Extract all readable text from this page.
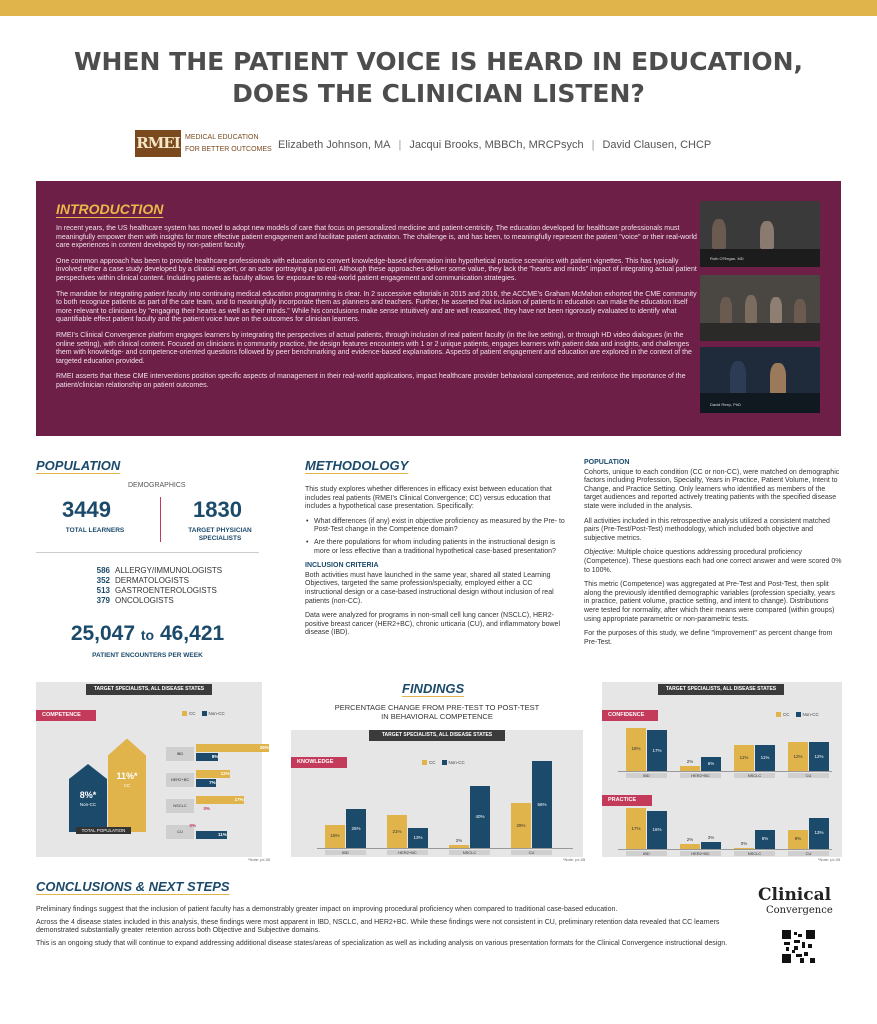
WHEN THE PATIENT VOICE IS HEARD IN EDUCATION,
DOES THE CLINICIAN LISTEN?
RMEI MEDICAL EDUCATION
FOR BETTER OUTCOMES Elizabeth Johnson, MA | Jacqui Brooks, MBBCh, MRCPsych | David Clausen, CHCP
INTRODUCTION

In recent years, the US healthcare system has moved to adopt new models of care that focus on personalized medicine and patient-centricity. The education developed for healthcare professionals must meaningfully empower them with insights for more effective patient engagement and facilitate patient activation. The challenge is, and has been, to meaningfully represent the patient "voice" or their real-world care experiences in content developed by non-patient faculty.

One common approach has been to provide healthcare professionals with education to convert knowledge-based information into hypothetical practice scenarios with patient vignettes. This has typically involved either a case study developed by a clinical expert, or an actor portraying a patient. Although these approaches deliver some value, they lack the "hearts and minds" impact of integrating actual patient perspectives within clinical content. Including patients as faculty allows for exposure to real-world patient engagement and communication strategies.

The mandate for integrating patient faculty into continuing medical education programming is clear. In 2 successive editorials in 2015 and 2016, the ACCME's Graham McMahon exhorted the CME community to both recognize patients as part of the care team, and to meaningfully incorporate them as planners and teachers. Further, he asserted that inclusion of patients in education can make the education itself more relevant to clinicians by "engaging their hearts as well as their minds." While his conclusions make sense intuitively and are well reasoned, they have not been rigorously evaluated to identify what quantifiable effect patient faculty and the patient voice have on the outcomes for clinician learners.

RMEI's Clinical Convergence platform engages learners by integrating the perspectives of actual patients, through inclusion of real patient faculty (in the live setting), or through HD video dialogues (in the online setting), with clinical content. Focused on clinicians in community practice, the design features encounters with 1 or 2 unique patients, engages learners with patient data and insights, and challenges them with knowledge- and competence-oriented questions followed by peer benchmarking and evidence-based explanations. Aspects of patient engagement and education are explored in the context of the targeted education provided.

RMEI asserts that these CME interventions position specific aspects of management in their real-world applications, impact healthcare provider behavioral competence, and reinforce the importance of the patient/clinician relationship on patient outcomes.

Ruth O'Regan, MD
David Reep, PhD
POPULATION
DEMOGRAPHICS
3449
TOTAL LEARNERS
1830
TARGET PHYSICIAN
SPECIALISTS
586 ALLERGY/IMMUNOLOGISTS
352 DERMATOLOGISTS
513 GASTROENTEROLOGISTS
379 ONCOLOGISTS
25,047 to 46,421
PATIENT ENCOUNTERS PER WEEK
METHODOLOGY

This study explores whether differences in efficacy exist between education that includes real patients (RMEI's Clinical Convergence; CC) versus education that includes a hypothetical case presentation. Specifically:

• What differences (if any) exist in objective proficiency as measured by the Pre- to Post-Test change in the Competence domain?
• Are there populations for whom including patients in the instructional design is more or less effective than a traditional hypothetical case-based presentation?
INCLUSION CRITERIA

Both activities must have launched in the same year, shared all stated Learning Objectives, targeted the same profession/specialty, employed either a CC instructional design or a case-based instructional design without inclusion of real patients (non-CC).

Data were analyzed for programs in non-small cell lung cancer (NSCLC), HER2-positive breast cancer (HER2+BC), chronic urticaria (CU), and inflammatory bowel disease (IBD).

POPULATION

Cohorts, unique to each condition (CC or non-CC), were matched on demographic factors including Profession, Specialty, Years in Practice, Patient Volume, Intent to Change, and Practice Setting. Only learners who identified as members of the target audiences and reported actively treating patients with the specified disease state were included in the analysis.

All activities included in this retrospective analysis utilized a consistent matched pairs (Pre-Test/Post-Test) methodology, which included both objective and subjective metrics.

Objective: Multiple choice questions addressing procedural proficiency (Competence). These questions each had one correct answer and were scored 0% to 100%.

This metric (Competence) was aggregated at Pre-Test and Post-Test, then split along the previously identified demographic variables (profession specialty, years in practice, patient volume, practice setting, and intent to change). Distributions were tested for normality, after which their means were compared (within groups) using appropriate parametric or non-parametric tests.

For the purposes of this study, we define "improvement" as percent change from Pre-Test.

FINDINGS
PERCENTAGE CHANGE FROM PRE-TEST TO POST-TEST
IN BEHAVIORAL COMPETENCE
TARGET SPECIALISTS, ALL DISEASE STATES
COMPETENCE	CC	Non-CC
8%*
Non-CC
11%*
CC
TOTAL POPULATION
IBD
26%
8%
HER2+BC
12%
7%
NSCLC
17%
0%
CU
0%
11%
*Note: p≤.05
TARGET SPECIALISTS, ALL DISEASE STATES
KNOWLEDGE	CC	Non-CC
15%
25%
IBD
21%
13%
HER2+BC
2%
40%
NSCLC
29%
56%
CU
*Note: p≤.05
TARGET SPECIALISTS, ALL DISEASE STATES
CONFIDENCE	CC	Non-CC
PRACTICE
18%	17%
IBD
2%	6%
HER2+BC
11%	11%
NSCLC
12%	12%
CU
17%	16%
IBD
2%	3%
HER2+BC
0%
8%
NSCLC
8%
13%
CU
*Note: p≤.05
CONCLUSIONS & NEXT STEPS

Preliminary findings suggest that the inclusion of patient faculty has a demonstrably greater impact on improving procedural proficiency when compared to traditional case-based education.

Across the 4 disease states included in this analysis, these findings were most apparent in IBD, NSCLC, and HER2+BC. While these findings were not consistent in CU, preliminary retention data revealed that CC learners demonstrated substantially greater retention across both Objective and Subjective domains.

This is an ongoing study that will continue to expand addressing additional disease states/areas of specialization as well as including analysis on various presentation formats for the Clinical Convergence instructional design.

Clinical
Convergence
